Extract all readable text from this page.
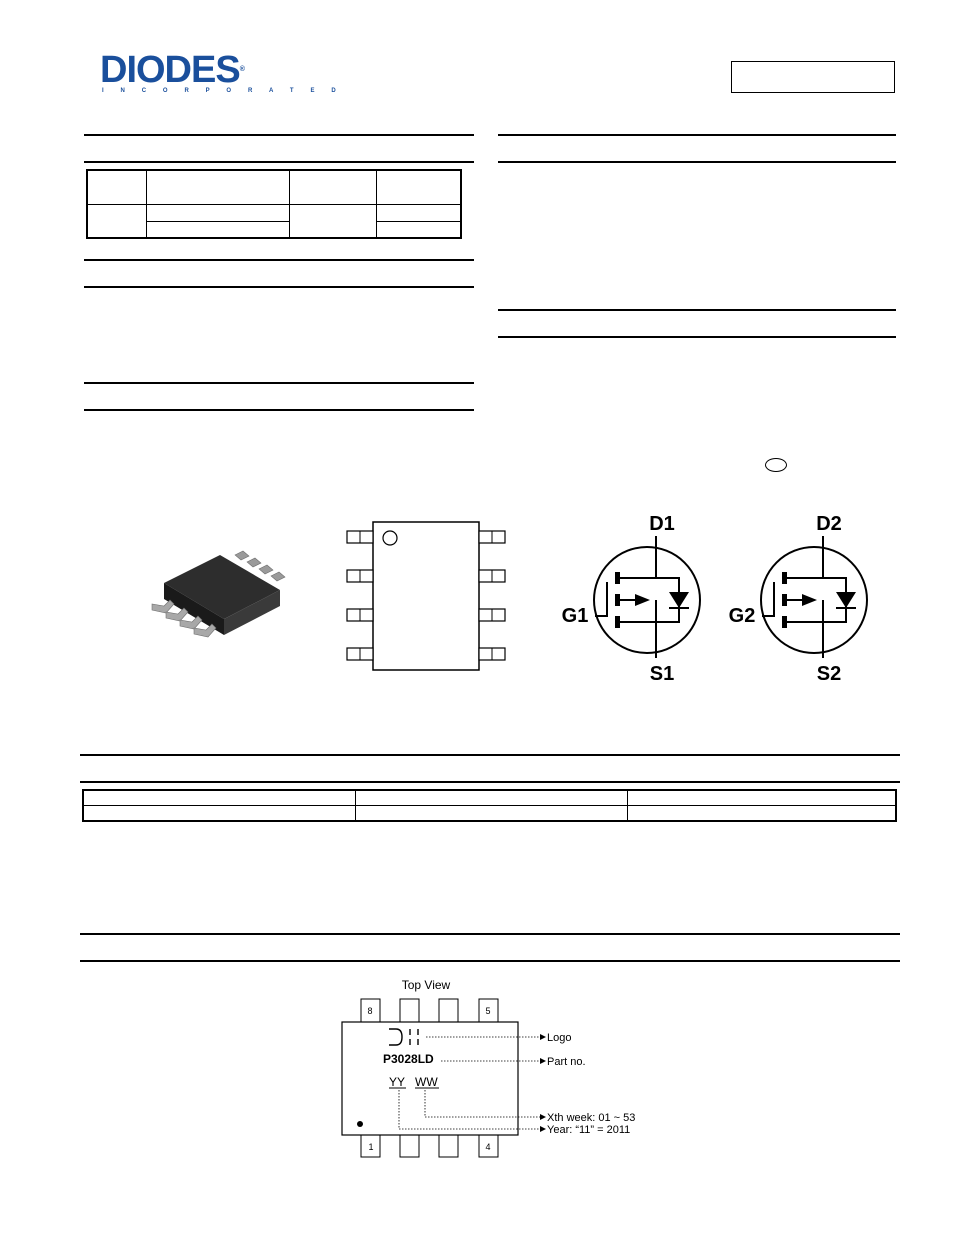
DIODES®
I N C O R P O R A T E D

D1
G1
S1
D2
G2
S2

Top View
8	5
1	4
P3028LD
YY WW
Logo
Part no.
Xth week: 01 ~ 53
Year: “11” = 2011
